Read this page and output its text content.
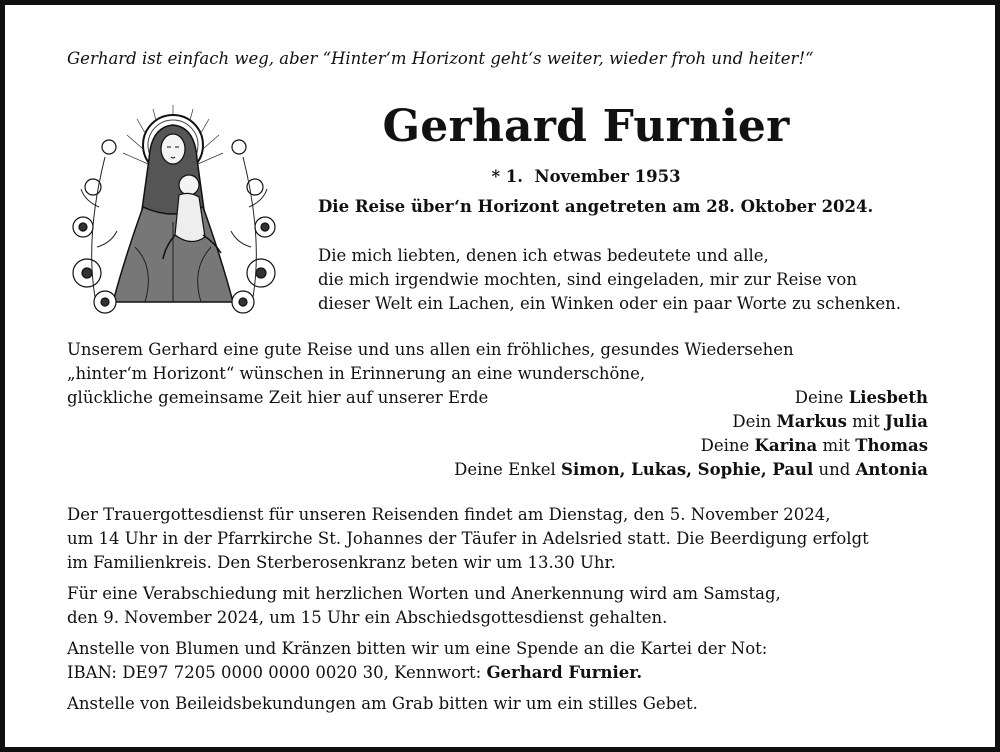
Gerhard ist einfach weg, aber “Hinter‘m Horizont geht‘s weiter, wieder froh und heiter!“
Gerhard Furnier
* 1.  November 1953
Die Reise über‘n Horizont angetreten am 28. Oktober 2024.
Die mich liebten, denen ich etwas bedeutete und alle,
die mich irgendwie mochten, sind eingeladen, mir zur Reise von
dieser Welt ein Lachen, ein Winken oder ein paar Worte zu schenken.
Unserem Gerhard eine gute Reise und uns allen ein fröhliches, gesundes Wiedersehen
„hinter‘m Horizont“ wünschen in Erinnerung an eine wunderschöne,
glückliche gemeinsame Zeit hier auf unserer Erde	Deine Liesbeth
Dein Markus mit Julia
Deine Karina mit Thomas
Deine Enkel Simon, Lukas, Sophie, Paul und Antonia

Der Trauergottesdienst für unseren Reisenden findet am Dienstag, den 5. November 2024,
um 14 Uhr in der Pfarrkirche St. Johannes der Täufer in Adelsried statt. Die Beerdigung erfolgt
im Familienkreis. Den Sterberosenkranz beten wir um 13.30 Uhr.

Für eine Verabschiedung mit herzlichen Worten und Anerkennung wird am Samstag,
den 9. November 2024, um 15 Uhr ein Abschiedsgottesdienst gehalten.

Anstelle von Blumen und Kränzen bitten wir um eine Spende an die Kartei der Not:
IBAN: DE97 7205 0000 0000 0020 30, Kennwort: Gerhard Furnier.

Anstelle von Beileidsbekundungen am Grab bitten wir um ein stilles Gebet.
